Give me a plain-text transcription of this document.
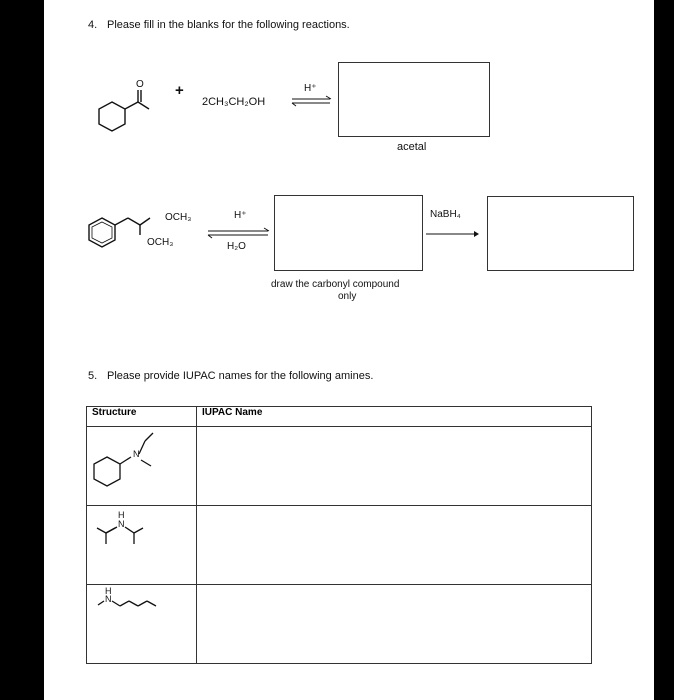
4. Please fill in the blanks for the following reactions.
O +
2CH₃CH₂OH
H⁺
acetal
OCH₃
OCH₃
H⁺
H₂O
draw the carbonyl compound
only
NaBH₄
5. Please provide IUPAC names for the following amines.
Structure	IUPAC Name

N	

H
N	

H
N	
